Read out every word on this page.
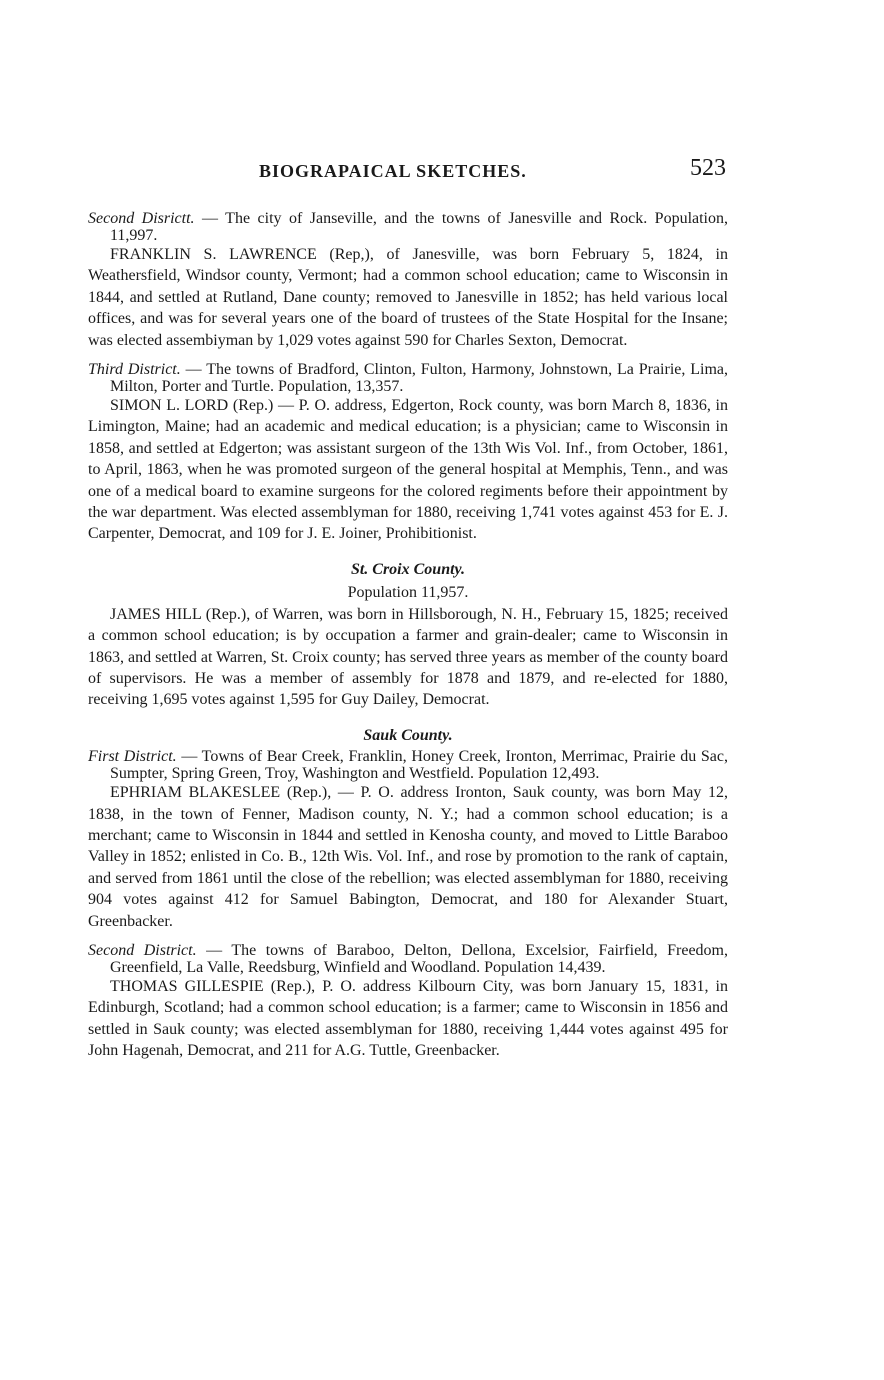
BIOGRAPAICAL SKETCHES.	523

Second Disrictt. — The city of Janseville, and the towns of Janesville and Rock. Population, 11,997.

FRANKLIN S. LAWRENCE (Rep,), of Janesville, was born February 5, 1824, in Weathersfield, Windsor county, Vermont; had a common school education; came to Wisconsin in 1844, and settled at Rutland, Dane county; removed to Janesville in 1852; has held various local offices, and was for several years one of the board of trustees of the State Hospital for the Insane; was elected assembiyman by 1,029 votes against 590 for Charles Sexton, Democrat.

Third District. — The towns of Bradford, Clinton, Fulton, Harmony, Johnstown, La Prairie, Lima, Milton, Porter and Turtle. Population, 13,357.

SIMON L. LORD (Rep.) — P. O. address, Edgerton, Rock county, was born March 8, 1836, in Limington, Maine; had an academic and medical education; is a physician; came to Wisconsin in 1858, and settled at Edgerton; was assistant surgeon of the 13th Wis Vol. Inf., from October, 1861, to April, 1863, when he was promoted surgeon of the general hospital at Memphis, Tenn., and was one of a medical board to examine surgeons for the colored regiments before their appointment by the war department. Was elected assemblyman for 1880, receiving 1,741 votes against 453 for E. J. Carpenter, Democrat, and 109 for J. E. Joiner, Prohibitionist.

St. Croix County.

Population 11,957.

JAMES HILL (Rep.), of Warren, was born in Hillsborough, N. H., February 15, 1825; received a common school education; is by occupation a farmer and grain-dealer; came to Wisconsin in 1863, and settled at Warren, St. Croix county; has served three years as member of the county board of supervisors. He was a member of assembly for 1878 and 1879, and re-elected for 1880, receiving 1,695 votes against 1,595 for Guy Dailey, Democrat.

Sauk County.

First District. — Towns of Bear Creek, Franklin, Honey Creek, Ironton, Merrimac, Prairie du Sac, Sumpter, Spring Green, Troy, Washington and Westfield. Population 12,493.

EPHRIAM BLAKESLEE (Rep.), — P. O. address Ironton, Sauk county, was born May 12, 1838, in the town of Fenner, Madison county, N. Y.; had a common school education; is a merchant; came to Wisconsin in 1844 and settled in Kenosha county, and moved to Little Baraboo Valley in 1852; enlisted in Co. B., 12th Wis. Vol. Inf., and rose by promotion to the rank of captain, and served from 1861 until the close of the rebellion; was elected assemblyman for 1880, receiving 904 votes against 412 for Samuel Babington, Democrat, and 180 for Alexander Stuart, Greenbacker.

Second District. — The towns of Baraboo, Delton, Dellona, Excelsior, Fairfield, Freedom, Greenfield, La Valle, Reedsburg, Winfield and Woodland. Population 14,439.

THOMAS GILLESPIE (Rep.), P. O. address Kilbourn City, was born January 15, 1831, in Edinburgh, Scotland; had a common school education; is a farmer; came to Wisconsin in 1856 and settled in Sauk county; was elected assemblyman for 1880, receiving 1,444 votes against 495 for John Hagenah, Democrat, and 211 for A.G. Tuttle, Greenbacker.
